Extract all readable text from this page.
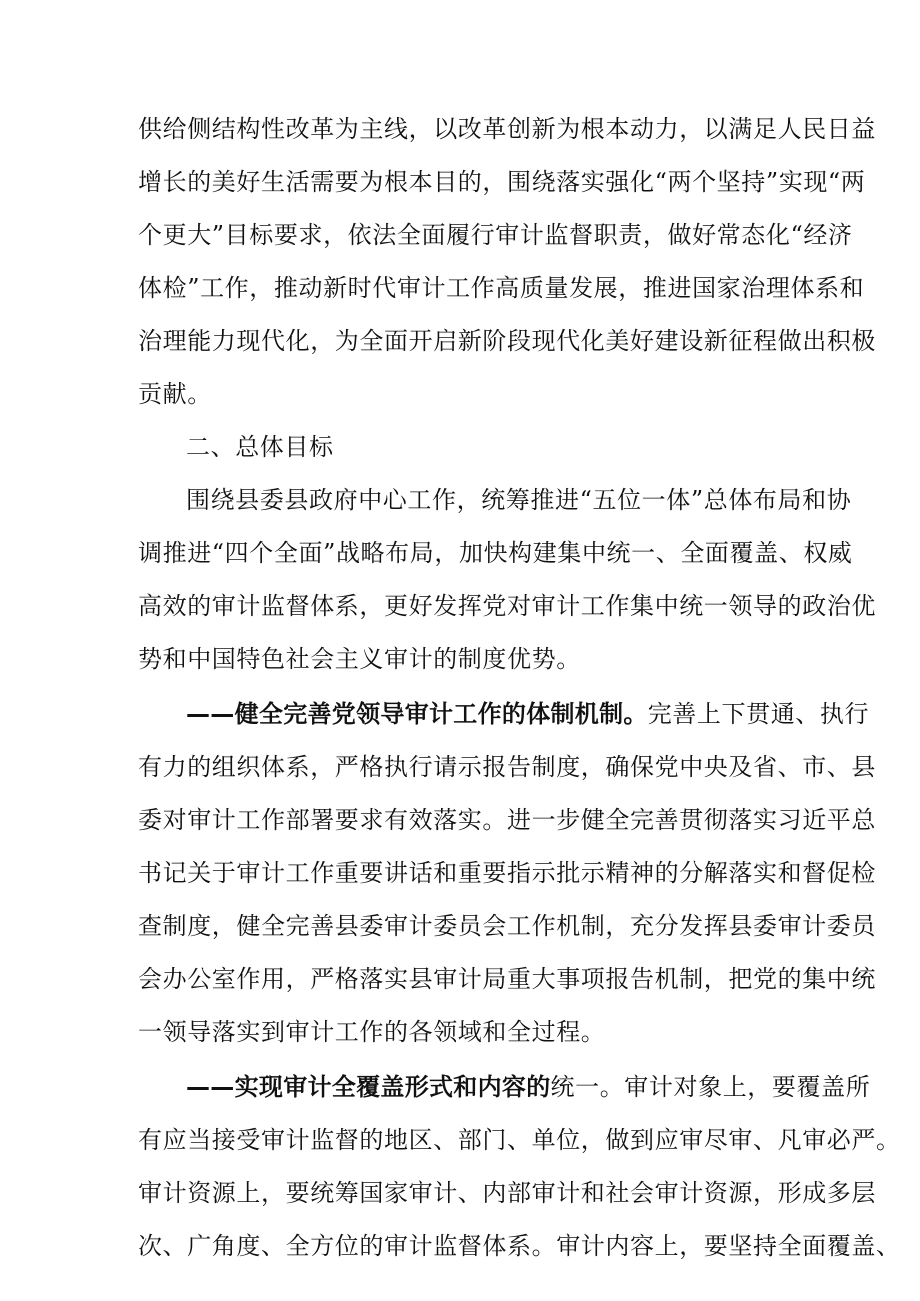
供给侧结构性改革为主线，以改革创新为根本动力，以满足人民日益
增长的美好生活需要为根本目的，围绕落实强化“两个坚持”实现“两
个更大”目标要求，依法全面履行审计监督职责，做好常态化“经济
体检”工作，推动新时代审计工作高质量发展，推进国家治理体系和
治理能力现代化，为全面开启新阶段现代化美好建设新征程做出积极
贡献。
二、总体目标
围绕县委县政府中心工作，统筹推进“五位一体”总体布局和协
调推进“四个全面”战略布局，加快构建集中统一、全面覆盖、权威
高效的审计监督体系，更好发挥党对审计工作集中统一领导的政治优
势和中国特色社会主义审计的制度优势。
——健全完善党领导审计工作的体制机制。完善上下贯通、执行
有力的组织体系，严格执行请示报告制度，确保党中央及省、市、县
委对审计工作部署要求有效落实。进一步健全完善贯彻落实习近平总
书记关于审计工作重要讲话和重要指示批示精神的分解落实和督促检
查制度，健全完善县委审计委员会工作机制，充分发挥县委审计委员
会办公室作用，严格落实县审计局重大事项报告机制，把党的集中统
一领导落实到审计工作的各领域和全过程。
——实现审计全覆盖形式和内容的统一。审计对象上，要覆盖所
有应当接受审计监督的地区、部门、单位，做到应审尽审、凡审必严。
审计资源上，要统筹国家审计、内部审计和社会审计资源，形成多层
次、广角度、全方位的审计监督体系。审计内容上，要坚持全面覆盖、
